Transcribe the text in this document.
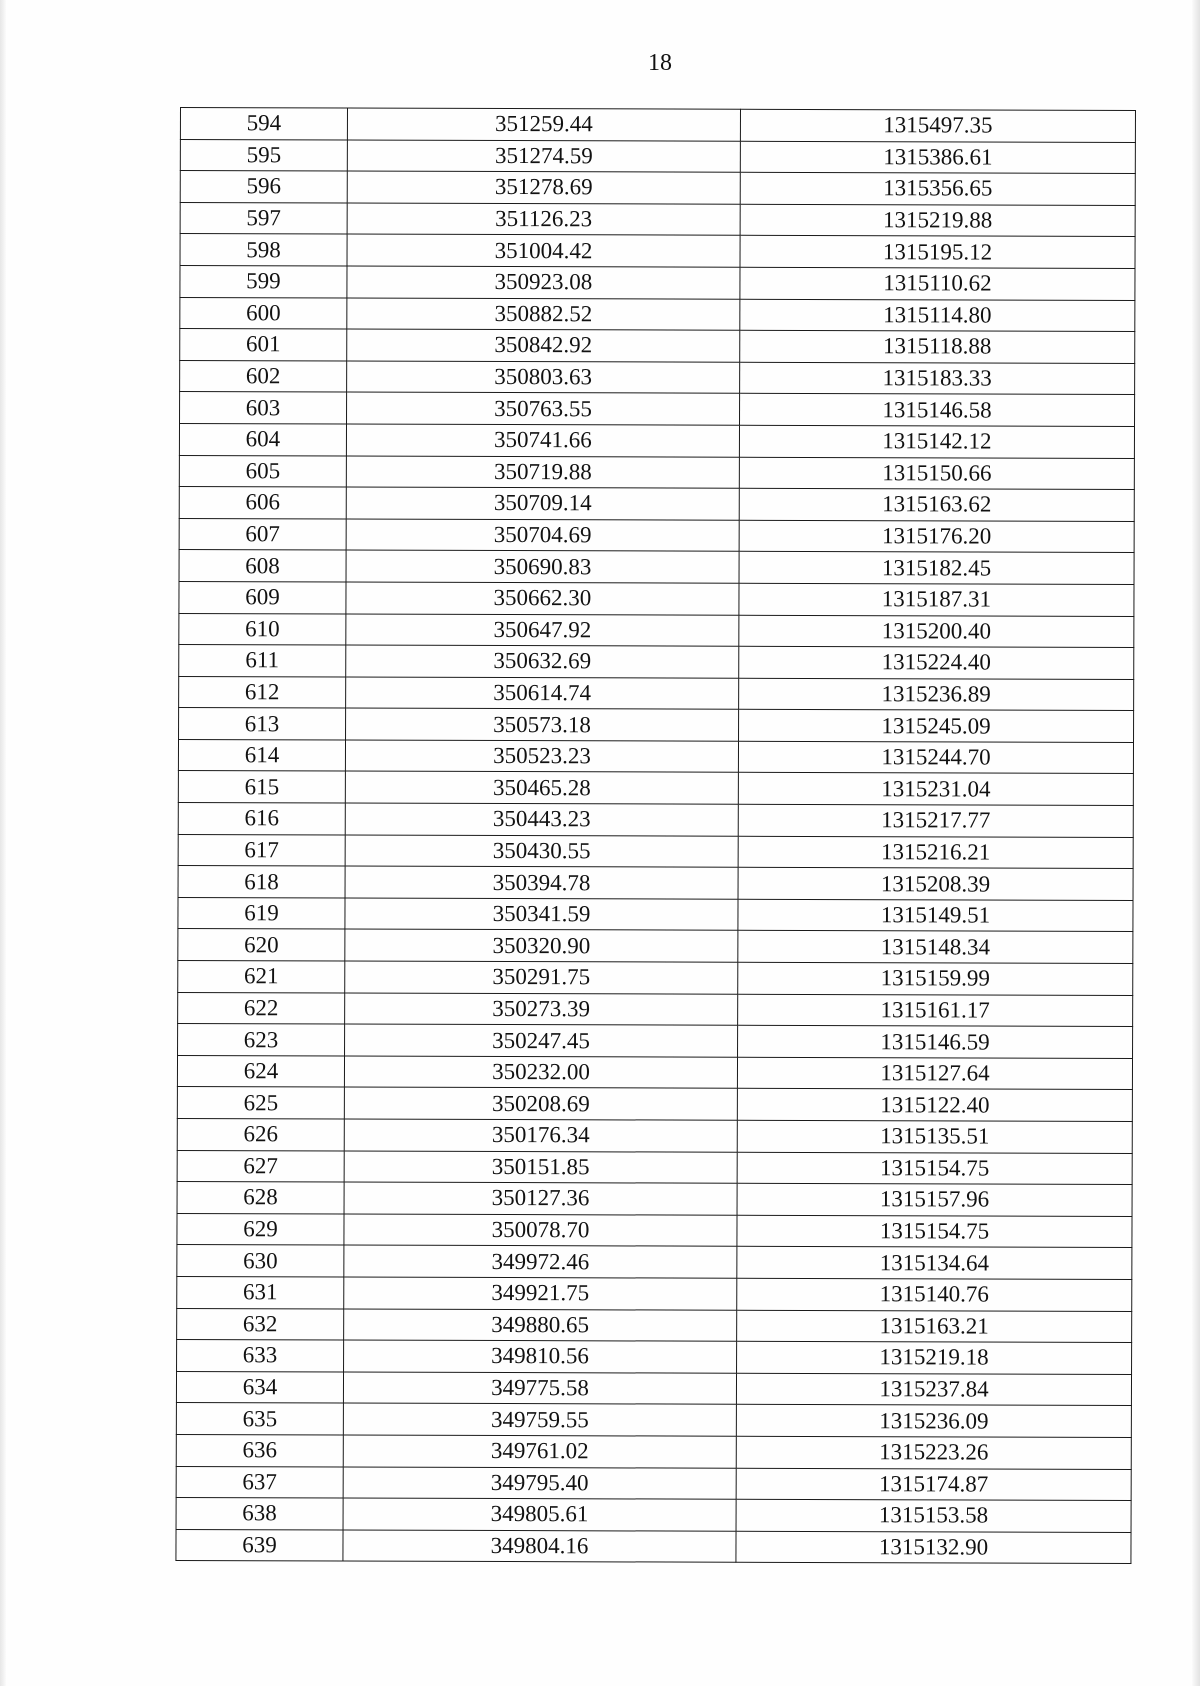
18
594	351259.44	1315497.35
595	351274.59	1315386.61
596	351278.69	1315356.65
597	351126.23	1315219.88
598	351004.42	1315195.12
599	350923.08	1315110.62
600	350882.52	1315114.80
601	350842.92	1315118.88
602	350803.63	1315183.33
603	350763.55	1315146.58
604	350741.66	1315142.12
605	350719.88	1315150.66
606	350709.14	1315163.62
607	350704.69	1315176.20
608	350690.83	1315182.45
609	350662.30	1315187.31
610	350647.92	1315200.40
611	350632.69	1315224.40
612	350614.74	1315236.89
613	350573.18	1315245.09
614	350523.23	1315244.70
615	350465.28	1315231.04
616	350443.23	1315217.77
617	350430.55	1315216.21
618	350394.78	1315208.39
619	350341.59	1315149.51
620	350320.90	1315148.34
621	350291.75	1315159.99
622	350273.39	1315161.17
623	350247.45	1315146.59
624	350232.00	1315127.64
625	350208.69	1315122.40
626	350176.34	1315135.51
627	350151.85	1315154.75
628	350127.36	1315157.96
629	350078.70	1315154.75
630	349972.46	1315134.64
631	349921.75	1315140.76
632	349880.65	1315163.21
633	349810.56	1315219.18
634	349775.58	1315237.84
635	349759.55	1315236.09
636	349761.02	1315223.26
637	349795.40	1315174.87
638	349805.61	1315153.58
639	349804.16	1315132.90
